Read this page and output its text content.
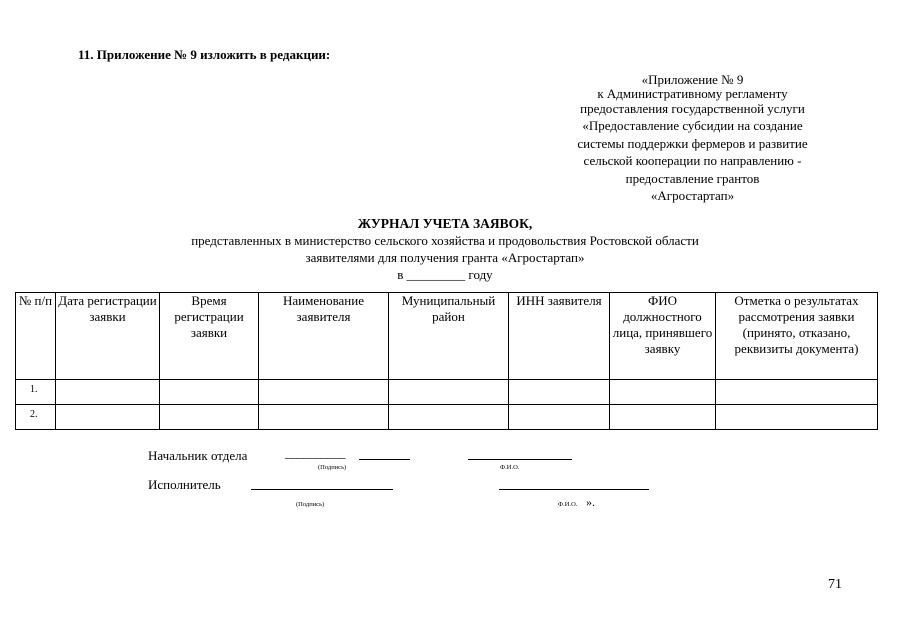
11. Приложение № 9 изложить в редакции:
«Приложение № 9
к Административному регламенту
предоставления государственной услуги
«Предоставление субсидии на создание
системы поддержки фермеров и развитие
сельской кооперации по направлению -
предоставление грантов
«Агростартап»
ЖУРНАЛ УЧЕТА ЗАЯВОК,
представленных в министерство сельского хозяйства и продовольствия Ростовской области
заявителями для получения гранта «Агростартап»
в _________ году
№ п/п	Дата регистрации заявки	Время регистрации заявки	Наименование заявителя	Муниципальный район	ИНН заявителя	ФИО должностного лица, принявшего заявку	Отметка о результатах рассмотрения заявки (принято, отказано, реквизиты документа)
1.							
2.							
Начальник отдела	__________
(Подпись)	Ф.И.О.
Исполнитель
(Подпись)	Ф.И.О. ».
71
